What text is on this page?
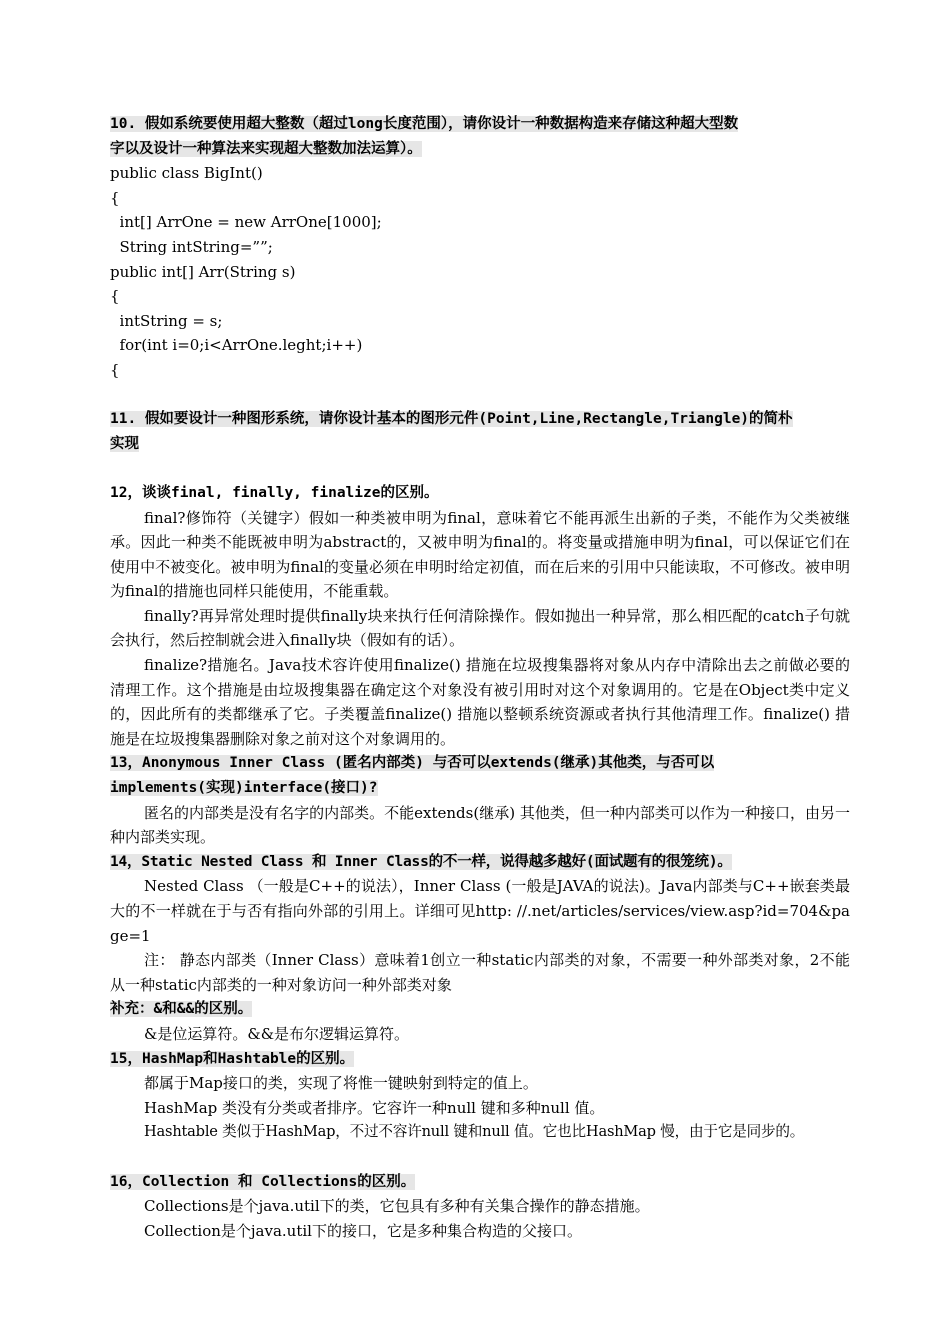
10. 假如系统要使用超大整数（超过long长度范围），请你设计一种数据构造来存储这种超大型数
字以及设计一种算法来实现超大整数加法运算）。
public class BigInt()
{
int[] ArrOne = new ArrOne[1000];
String intString=””;
public int[] Arr(String s)
{
intString = s;
for(int i=0;i<ArrOne.leght;i++)
{
11. 假如要设计一种图形系统，请你设计基本的图形元件(Point,Line,Rectangle,Triangle)的简朴
实现
12，谈谈final, finally, finalize的区别。
final?修饰符（关键字）假如一种类被申明为final，意味着它不能再派生出新的子类，不能作为父类被继承。因此一种类不能既被申明为abstract的，又被申明为final的。将变量或措施申明为final，可以保证它们在使用中不被变化。被申明为final的变量必须在申明时给定初值，而在后来的引用中只能读取，不可修改。被申明为final的措施也同样只能使用，不能重载。
finally?再异常处理时提供finally块来执行任何清除操作。假如抛出一种异常，那么相匹配的catch子句就会执行，然后控制就会进入finally块（假如有的话）。
finalize?措施名。Java技术容许使用finalize() 措施在垃圾搜集器将对象从内存中清除出去之前做必要的清理工作。这个措施是由垃圾搜集器在确定这个对象没有被引用时对这个对象调用的。它是在Object类中定义的，因此所有的类都继承了它。子类覆盖finalize() 措施以整顿系统资源或者执行其他清理工作。finalize() 措施是在垃圾搜集器删除对象之前对这个对象调用的。
13，Anonymous Inner Class (匿名内部类) 与否可以extends(继承)其他类，与否可以
implements(实现)interface(接口)?
匿名的内部类是没有名字的内部类。不能extends(继承) 其他类，但一种内部类可以作为一种接口，由另一种内部类实现。
14，Static Nested Class 和 Inner Class的不一样，说得越多越好(面试题有的很笼统)。
Nested Class （一般是C++的说法），Inner Class (一般是JAVA的说法)。Java内部类与C++嵌套类最大的不一样就在于与否有指向外部的引用上。详细可见http: //.net/articles/services/view.asp?id=704&page=1
注： 静态内部类（Inner Class）意味着1创立一种static内部类的对象，不需要一种外部类对象，2不能从一种static内部类的一种对象访问一种外部类对象
补充：&和&&的区别。
&是位运算符。&&是布尔逻辑运算符。
15，HashMap和Hashtable的区别。
都属于Map接口的类，实现了将惟一键映射到特定的值上。
HashMap 类没有分类或者排序。它容许一种null 键和多种null 值。
Hashtable 类似于HashMap，不过不容许null 键和null 值。它也比HashMap 慢，由于它是同步的。
16，Collection 和 Collections的区别。
Collections是个java.util下的类，它包具有多种有关集合操作的静态措施。
Collection是个java.util下的接口，它是多种集合构造的父接口。
